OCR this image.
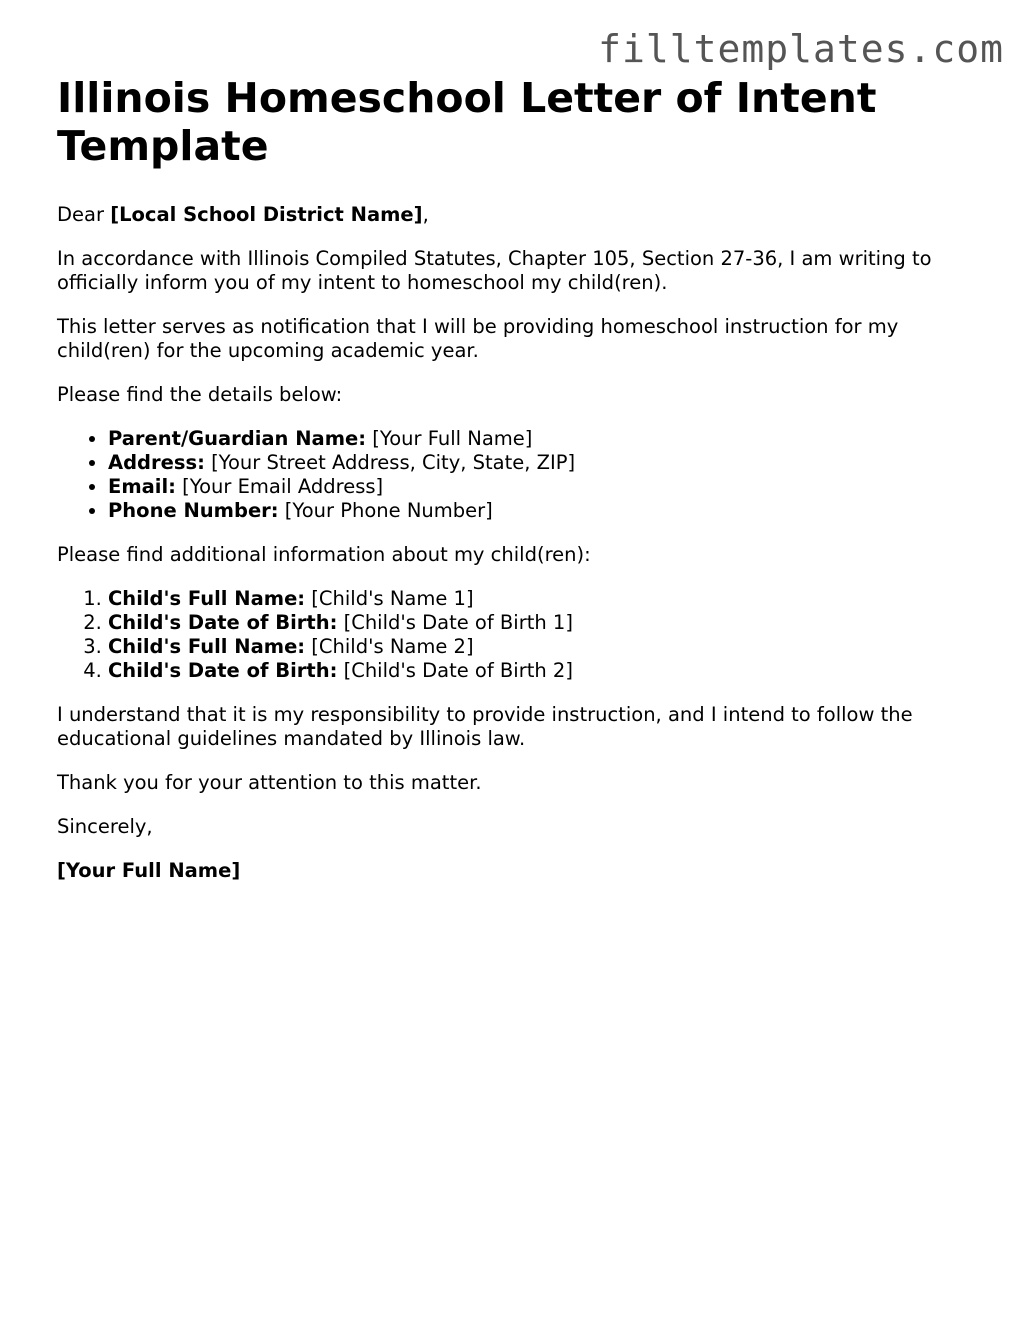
filltemplates.com
Illinois Homeschool Letter of Intent Template

Dear [Local School District Name],

In accordance with Illinois Compiled Statutes, Chapter 105, Section 27-36, I am writing to officially inform you of my intent to homeschool my child(ren).

This letter serves as notification that I will be providing homeschool instruction for my child(ren) for the upcoming academic year.

Please find the details below:

• Parent/Guardian Name: [Your Full Name]
• Address: [Your Street Address, City, State, ZIP]
• Email: [Your Email Address]
• Phone Number: [Your Phone Number]

Please find additional information about my child(ren):

1. Child's Full Name: [Child's Name 1]
2. Child's Date of Birth: [Child's Date of Birth 1]
3. Child's Full Name: [Child's Name 2]
4. Child's Date of Birth: [Child's Date of Birth 2]

I understand that it is my responsibility to provide instruction, and I intend to follow the educational guidelines mandated by Illinois law.

Thank you for your attention to this matter.

Sincerely,

[Your Full Name]
